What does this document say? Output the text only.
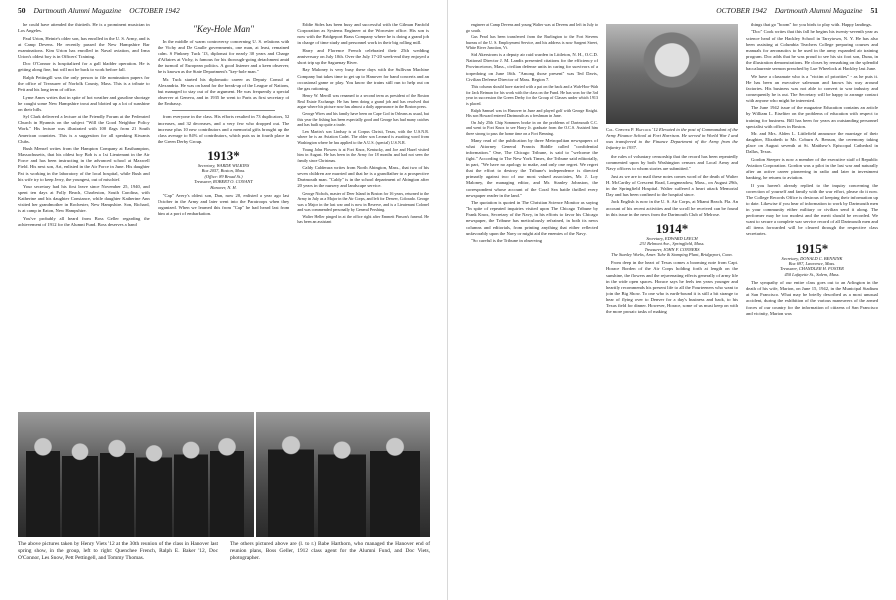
50 Dartmouth Alumni Magazine OCTOBER 1942

he could have attended the thirtieth. He is a prominent musician in Los Angeles.

Paul Urion, Heinie's older son, has enrolled in the U. S. Army, and is at Camp Devens. He recently passed the New Hampshire Bar examinations. Kim Urion has enrolled in Naval aviation, and Irma Urion's oldest boy is in Officers' Training.

Doc O'Connor is hospitalized for a gall bladder operation. He is getting along fine, but will not be back to work before fall.

Ralph Pettingill was the only person to file nomination papers for the office of Treasurer of Norfolk County, Mass. This is a tribute to Pett and his long term of office.

Lyme Ames writes that in spite of hot weather and gasoline shortage he caught some New Hampshire trout and blotted up a lot of sunshine on their hills.

Syl Clark delivered a lecture at the Friendly Forum at the Federated Church in Hyannis on the subject "Will the Good Neighbor Policy Work." His lecture was illustrated with 100 flags from 21 South American countries. This is a suggestion for all speaking Kiwanis Clubs.

Bush Mensel writes from the Hampton Company at Easthampton, Massachusetts, that his oldest boy Bob is a 1st Lieutenant in the Air Force and has been instructing in the advanced school at Maxwell Field. His next son, Art, enlisted in the Air Force in June. His daughter Pat is working in the laboratory of the local hospital, while Bush and his wife try to keep Jerry, the youngest, out of mischief.

Your secretary had his first leave since November 25, 1940, and spent ten days at Folly Beach, Charleston, South Carolina, with Katherine and his daughter Constance, while daughter Katherine Ann visited her grandmother in Rochester, New Hampshire. Son, Richard, is at camp in Eaton, New Hampshire.

You've probably all heard from Boss Geller regarding the achievement of 1912 for the Alumni Fund. Boss deserves a hand

"Key-Hole Man"

In the middle of warm controversy concerning U. S. relations with the Vichy and De Gaulle governments, one man, at least, remained calm. S Pinkney Tuck '13, diplomat for nearly 30 years and Charge d'Affaires at Vichy, is famous for his thorough-going detachment amid the turmoil of European politics. A good listener and a keen observer, he is known as the State Department's "key-hole man."

Mr. Tuck started his diplomatic career as Deputy Consul at Alexandria. He was on hand for the break-up of the League of Nations, but managed to stay out of the argument. He was frequently a special observer at Geneva, and in 1935 he went to Paris as first secretary of the Embassy.

from everyone in the class. His efforts resulted in 73 duplicators, 52 increases, and 32 decreases, and a very few who dropped out. The increase plus 10 new contributors and a memorial gifts brought up the class average to 84% of contributors, which puts us in fourth place in the Green Derby Group.

1913*
Secretary, WARDE WILKINS
Box 2057, Boston, Mass.
(Office: 89 Broad St.)
Treasurer, ROBERT O. CONANT
Hanover, N. H.

"Cap" Avery's oldest son, Dan, now 20, enlisted a year ago last October in the Army and later went into the Paratroops when they organized. When we learned this from "Cap" he had heard last from him at a port of embarkation.

Eddie Sides has been busy and successful with the Gilman Fanfold Corporation as Systems Engineer at the Worcester office. His son is now with the Bridgeport Brass Company where he is doing a grand job in charge of time study and personnel work in their big rolling mill.

Harry and Florence French celebrated their 25th wedding anniversary on July 10th. Over the July 17-20 week-end they enjoyed a short trip up the Saguenay River.

Ray Maloney is very busy these days with the Sullivan Machine Company but takes time to get up to Hanover for band concerts and an occasional game or play. You know the trains still run to help out on the gas rationing.

Henry W. Merrill was renamed to a second term as president of the Boston Real Estate Exchange. He has been doing a grand job and has resolved that argue where his picture now has almost a daily appearance in the Boston press.

George Wires and his family have been on Cape Cod in Orleans as usual, but this year the fishing has been especially good and George has had many catches and has built up quite a trade.

Len Martin's son Lindsay is at Corpus Christi, Texas, with the U.S.N.R. where he is an Aviation Cadet. The older son Leonard is awaiting word from Washington where he has applied to the A.U.S. (special) U.S.N.R.

Young John Flowers is at Fort Knox, Kentucky, and Joe and Hazel visited him in August. He has been in the Army for 18 months and had not seen the family since Christmas.

Caldy Calderara writes from North Abington, Mass., that two of his seven children are married and that he is a grandfather to a prospective Dartmouth man. "Caldy" is in the school department of Abington after 20 years in the nursery and landscape service.

George Nichols, master of Deer Island in Boston for 16 years, returned to the Army in July as a Major in the Air Corps, and left for Denver, Colorado. George was a Major in the last war and is now in Reserve, and is a Lieutenant Colonel and was commended personally by General Pershing.

Walter Heller pinged in at the office right after Emmett Pinson's funeral. He has been an assistant

The above pictures taken by Henry Viets '12 at the 30th reunion of the class in Hanover last spring show, in the group, left to right: Quenchee French, Ralph E. Baker '12, Doc O'Connor, Les Snow, Pett Pettingell, and Tommy Thomas.

The others pictured above are (l. to r.) Babe Harthorn, who managed the Hanover end of reunion plans, Boss Geller, 1912 class agent for the Alumni Fund, and Doc Viets, photographer.

OCTOBER 1942 Dartmouth Alumni Magazine 51

engineer at Camp Devens and young Walter was at Devens and left in July to go south.

Gus Pearl has been transferred from the Burlington to the Fort Stevens bureau of the U. S. Employment Service, and his address is now Sargent Street, White River Junction, Vt.

Sid Akerstrom is a deputy air raid warden in Littleton, N. H., O.C.D. National Director J. M. Landis presented citations for the efficiency of Provincetown, Mass., civilian defense units in caring for survivors of a torpedoing on June 16th. "Among those present" was Ted Davis, Civilian Defense Director of Mass. Region 7.

This column should have started with a pat on the back and a Wah-Hoo-Wah for Jack Reiman for his work with the class on the Fund. He has won for the 3rd year in succession the Green Derby for the Group of Classes under which 1913 is placed.

Ralph Samuel was in Hanover in June and played golf with George Knight. His son Howard entered Dartmouth as a freshman in June.

On July 25th Chip Sommers broke in on the problems of Dartmouth C.C. and went to Fort Knox to see Harry Jr. graduate from the O.C.S. Assisted him three strong to pass the home time on a Fort Benning.

Many read of the publication by three Metropolitan newspapers of what Attorney General Francis Biddle called "confidential information." One, The Chicago Tribune, is said to "welcome the fight." According to The New York Times, the Tribune said editorially, in part, "We have no apology to make, and only one regret. We regret that the effort to destroy the Tribune's independence is directed primarily against two of our most valued associates, Mr. J. Loy Maloney, the managing editor, and Mr. Stanley Johnston, the correspondent whose account of the Coral Sea battle thrilled every newspaper reader in the land."

The quotation is quoted in The Christian Science Monitor as saying "In spite of repeated inquiries visited upon The Chicago Tribune by Frank Knox, Secretary of the Navy, in his efforts to favor his Chicago newspaper, the Tribune has meticulously refrained, in both its news columns and editorials, from printing anything that either reflected unfavorably upon the Navy or might aid the enemies of the Navy.

"So careful is the Tribune in observing

Col. Chester P. Haycock '12 Elevated to the post of Commandant of the Army Finance School at Fort Harrison. He served in World War I and was transferred to the Finance Department of the Army from the Infantry in 1937.

the rules of voluntary censorship that the record has been repeatedly commented upon by both Washington censors and Local Army and Navy officers to whom stories are submitted."

Just as we are to mail these notes comes word of the death of Walter H. McCarthy of Crescent Road, Longmeadow, Mass., on August 29th, in the Springfield Hospital. Walter suffered a heart attack Memorial Day and has been confined to the hospital since.

Jack English is now in the U. S. Air Corps, at Miami Beach. Fla. An account of his recent activities and the scroll he received can be found in this issue in the news from the Dartmouth Club of Melrose.

1914*
Secretary, EDWARD LEECH
231 Belmont Ave., Springfield, Mass.
Treasurer, JOHN F. CONNERS
The Stanley Works, Amer. Tube & Stamping Plant, Bridgeport, Conn.

From deep in the heart of Texas comes a booming note from Capt. Horace Borden of the Air Corps holding forth at length on the sunshine, the flowers and the rejuvenating effects generally of army life in the wide open spaces. Horace says he feels ten years younger and heartily recommends his present life to all the Fourteeners who want to join the Big Show. To one who is earth-bound it is still a bit strange to hear of flying over to Denver for a day's business and back, to his Texas field for dinner. However, Horace, some of us must keep on with the more prosaic tasks of making

things that go "boom" for you birds to play with. Happy landings.

"Doc" Cook writes that this fall he begins his twenty-seventh year as science head of the Hackley School in Tarrytown, N. Y. He has also been assisting at Columbia Teachers College preparing courses and manuals for aeronautics to be used in the army expanded air training program. Doc adds that he was proud to see his six foot son, Duna, in the illustration demonstrations. He closes by remarking on the splendid baccalaureate sermon preached by Lue Wheelock at Hackley last June.

We have a classmate who is a "victim of priorities" - as he puts it. He has been an executive salesman and knows his way around factories. His business was not able to convert to war industry and consequently he is out. The Secretary will be happy to arrange contact with anyone who might be interested.

The June 1942 issue of the magazine Education contains an article by William L. Eiseliter on the problems of education with respect to training for business. Bill has been for years an outstanding personnel specialist with offices in Boston.

Mr. and Mrs. Alden L. Littlefield announce the marriage of their daughter, Elizabeth to Mr. Coburn A. Benson, the ceremony taking place on August seventh at St. Matthew's Episcopal Cathedral in Dallas, Texas.

Gordon Steeper is now a member of the executive staff of Republic Aviation Corporation. Gordon was a pilot in the last war and naturally after an active career pioneering in radio and later in investment banking, he returns to aviation.

If you haven't already replied to the inquiry concerning the correction of yourself and family with the war effort, please do it now. The College Records Office is desirous of keeping their information up to date. Likewise if you hear of information to work by Dartmouth men in your community either military or civilian send it along. The performer may be too modest and the merit should be recorded. We want to secure a complete war service record of all Dartmouth men and all items forwarded will be cleared through the respective class secretaries.

1915*
Secretary, DONALD C. BENNINK
Box 697, Lawrence, Mass.
Treasurer, CHANDLER H. FOSTER
450 Lafayette St., Salem, Mass.

The sympathy of our entire class goes out to an Arlington in the death of his wife, Marion, on June 15, 1942, in the Municipal Stadium at San Francisco. What may be briefly described as a most unusual accident, during the exhibition of the various maneuvers of the armed forces of our country for the information of citizens of San Francisco and vicinity, Marion was
